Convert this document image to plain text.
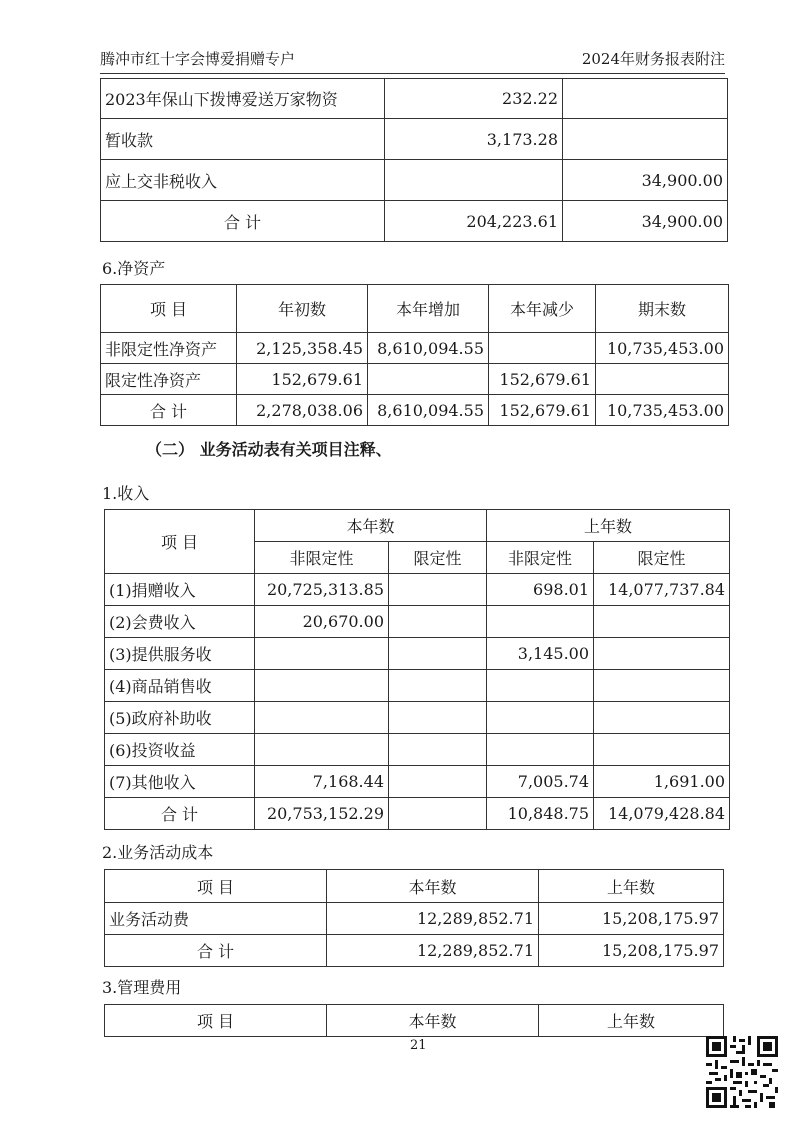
腾冲市红十字会博爱捐赠专户	2024年财务报表附注
2023年保山下拨博爱送万家物资	232.22	
暂收款	3,173.28	
应上交非税收入		34,900.00
合 计	204,223.61	34,900.00
6.净资产
项 目	年初数	本年增加	本年减少	期末数
非限定性净资产	2,125,358.45	8,610,094.55		10,735,453.00
限定性净资产	152,679.61		152,679.61	
合 计	2,278,038.06	8,610,094.55	152,679.61	10,735,453.00
（二） 业务活动表有关项目注释、
1.收入
项 目	本年数		上年数	
	非限定性	限定性	非限定性	限定性
(1)捐赠收入	20,725,313.85		698.01	14,077,737.84
(2)会费收入	20,670.00			
(3)提供服务收			3,145.00	
(4)商品销售收				
(5)政府补助收				
(6)投资收益				
(7)其他收入	7,168.44		7,005.74	1,691.00
合 计	20,753,152.29		10,848.75	14,079,428.84
2.业务活动成本
项 目	本年数	上年数
业务活动费	12,289,852.71	15,208,175.97
合 计	12,289,852.71	15,208,175.97
3.管理费用
项 目	本年数	上年数
21
